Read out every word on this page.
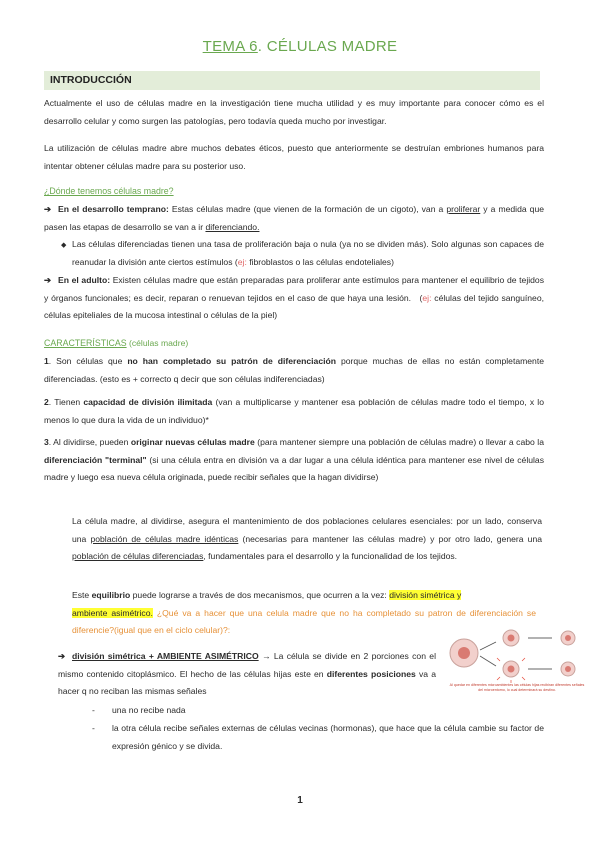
TEMA 6. CÉLULAS MADRE
INTRODUCCIÓN
Actualmente el uso de células madre en la investigación tiene mucha utilidad y es muy importante para conocer cómo es el desarrollo celular y como surgen las patologías, pero todavía queda mucho por investigar.
La utilización de células madre abre muchos debates éticos, puesto que anteriormente se destruían embriones humanos para intentar obtener células madre para su posterior uso.
¿Dónde tenemos células madre?
➔ En el desarrollo temprano: Estas células madre (que vienen de la formación de un cigoto), van a proliferar y a medida que pasen las etapas de desarrollo se van a ir diferenciando.
◆ Las células diferenciadas tienen una tasa de proliferación baja o nula (ya no se dividen más). Solo algunas son capaces de reanudar la división ante ciertos estímulos (ej: fibroblastos o las células endoteliales)
➔ En el adulto: Existen células madre que están preparadas para proliferar ante estímulos para mantener el equilibrio de tejidos y órganos funcionales; es decir, reparan o renuevan tejidos en el caso de que haya una lesión.   (ej: células del tejido sanguíneo, células epiteliales de la mucosa intestinal o células de la piel)
CARACTERÍSTICAS (células madre)
1. Son células que no han completado su patrón de diferenciación porque muchas de ellas no están completamente diferenciadas. (esto es + correcto q decir que son células indiferenciadas)
2. Tienen capacidad de división ilimitada (van a multiplicarse y mantener esa población de células madre todo el tiempo, x lo menos lo que dura la vida de un individuo)*
3. Al dividirse, pueden originar nuevas células madre (para mantener siempre una población de células madre) o llevar a cabo la diferenciación "terminal" (si una célula entra en división va a dar lugar a una célula idéntica para mantener ese nivel de células madre y luego esa nueva célula originada, puede recibir señales que la hagan dividirse)
La célula madre, al dividirse, asegura el mantenimiento de dos poblaciones celulares esenciales: por un lado, conserva una población de células madre idénticas (necesarias para mantener las células madre) y por otro lado, genera una población de células diferenciadas, fundamentales para el desarrollo y la funcionalidad de los tejidos.
Este equilibrio puede lograrse a través de dos mecanismos, que ocurren a la vez: división simétrica y
ambiente asimétrico. ¿Qué va a hacer que una celula madre que no ha completado su patron de diferenciación se diferencie?(igual que en el ciclo celular)?:
Al quedar en diferentes microambientes las células hijas recibiran diferentes señales del microentorno, lo cual determinará su destino.
➔ división simétrica + AMBIENTE ASIMÉTRICO → La célula se divide en 2 porciones con el mismo contenido citoplásmico. El hecho de las células hijas este en diferentes posiciones va a hacer q no reciban las mismas señales
- una no recibe nada
- la otra célula recibe señales externas de células vecinas (hormonas), que hace que la célula cambie su factor de expresión génico y se divida.
1
